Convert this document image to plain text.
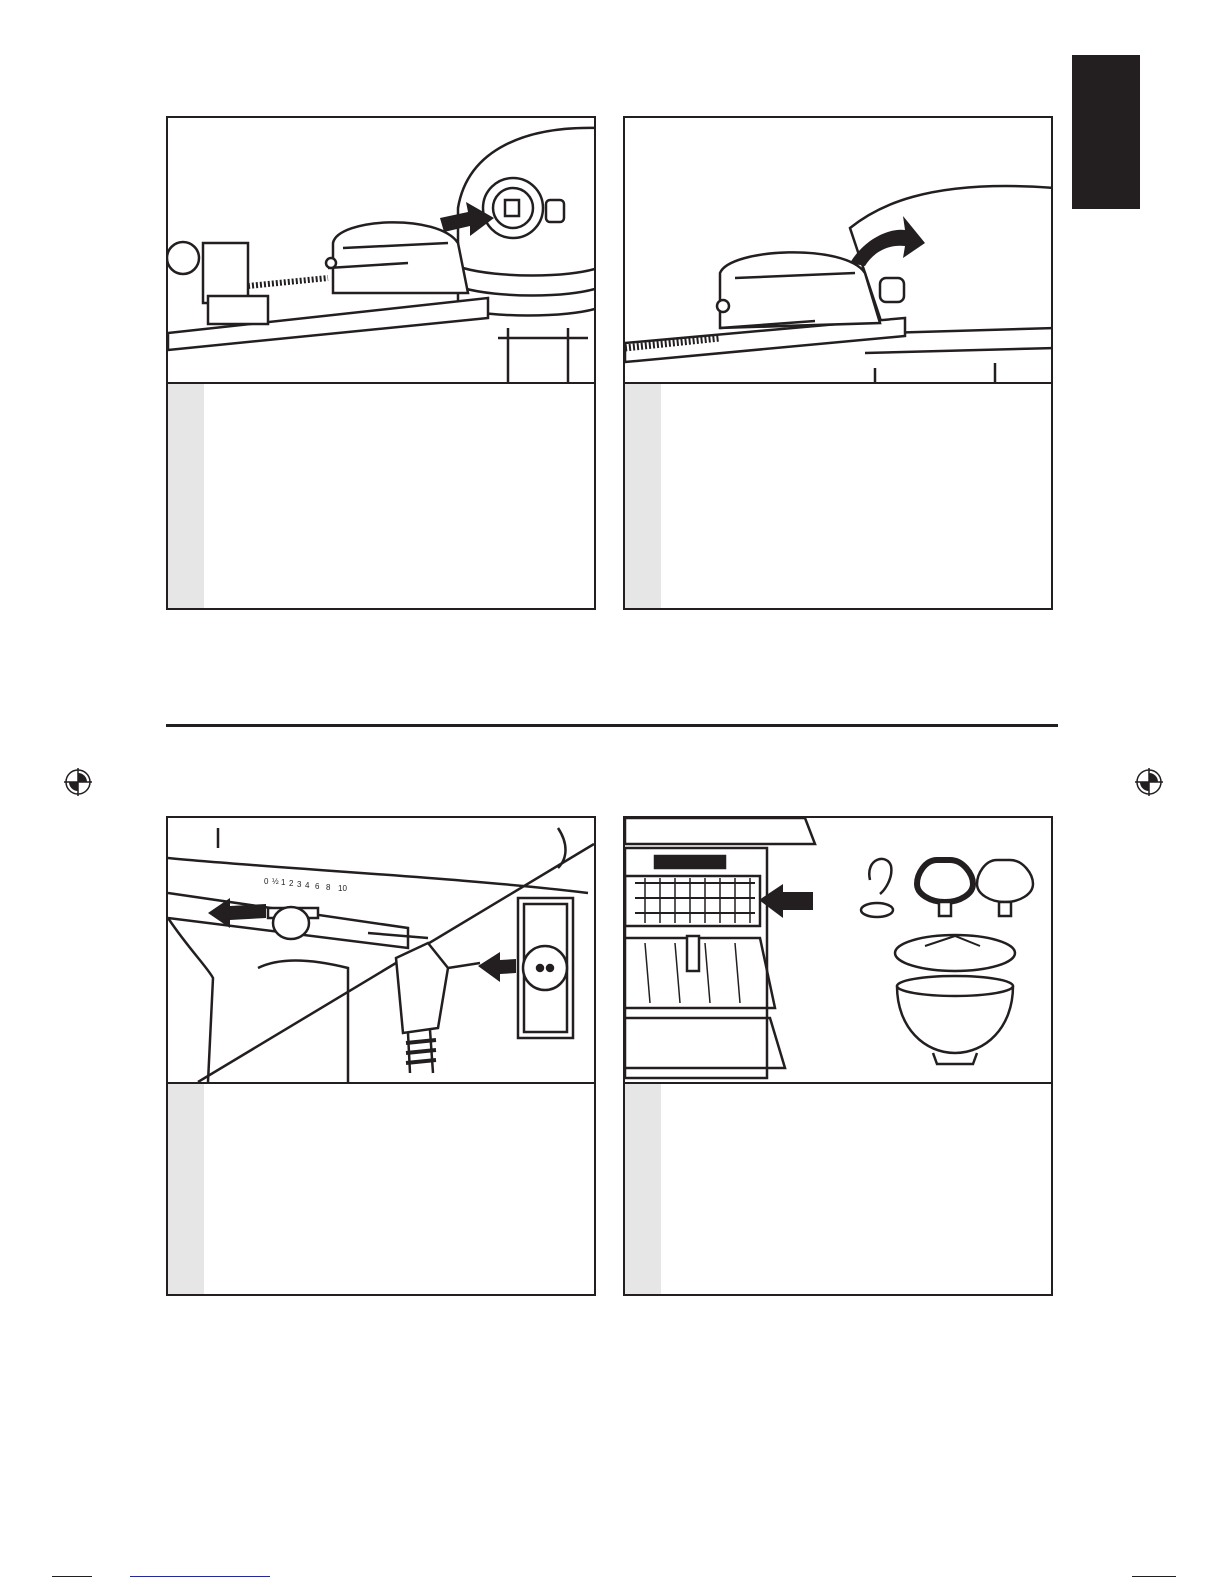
0 ½ 1 2 3 4 6 8 10
